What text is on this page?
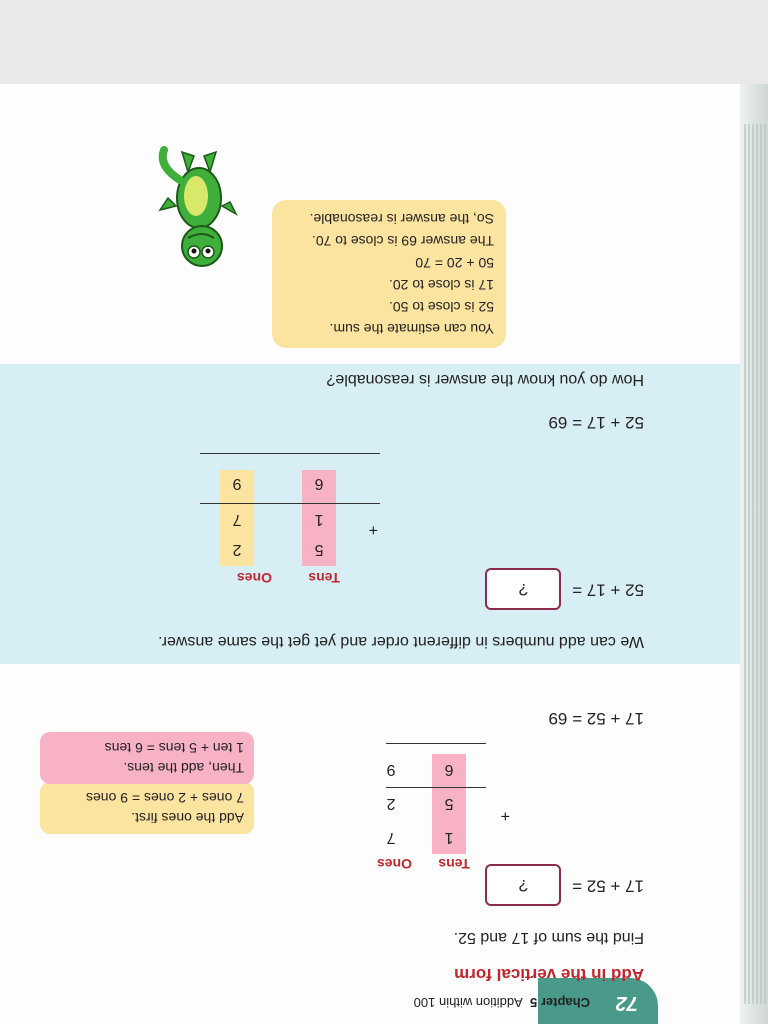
72
Chapter 5  Addition within 100
Add in the vertical form
Find the sum of 17 and 52.
17 + 52 = ?
Tens
Ones
1
7
+
5
2
6
9
Add the ones first.
7 ones + 2 ones = 9 ones
Then, add the tens.
1 ten + 5 tens = 6 tens
17 + 52 = 69
We can add numbers in different order and yet get the same answer.
52 + 17 = ?
Tens
Ones
5
2
+
1
7
6
9
52 + 17 = 69
How do you know the answer is reasonable?
You can estimate the sum.
52 is close to 50.
17 is close to 20.
50 + 20 = 70
The answer 69 is close to 70.
So, the answer is reasonable.
